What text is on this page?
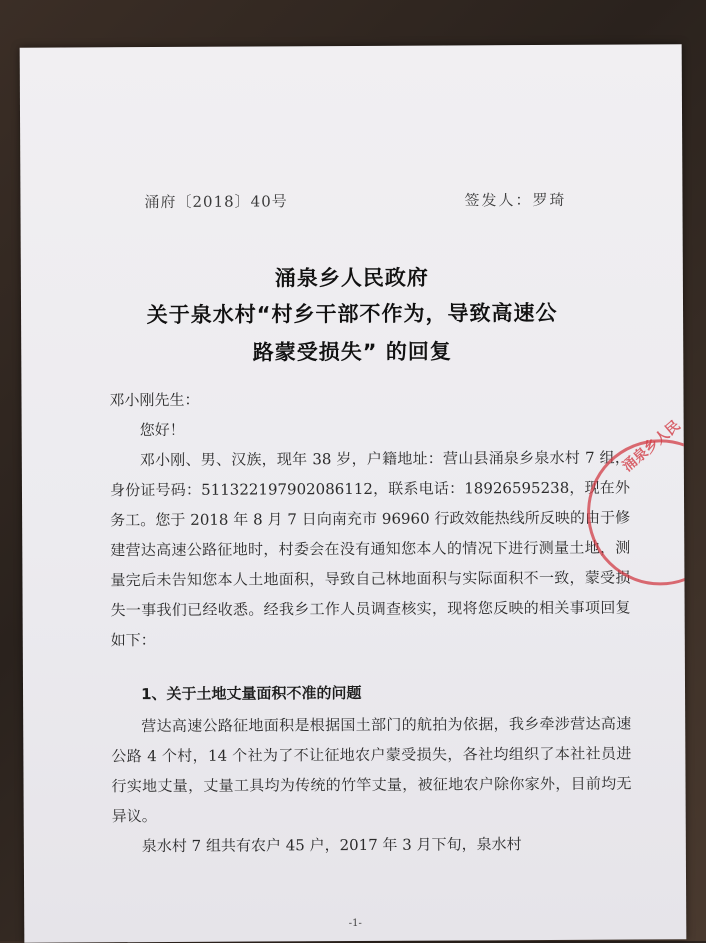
涌府〔2018〕40号	签发人：罗琦
涌泉乡人民政府
关于泉水村“村乡干部不作为，导致高速公
路蒙受损失” 的回复
邓小刚先生：
您好！
邓小刚、男、汉族，现年 38 岁，户籍地址：营山县涌泉乡泉水村 7 组，身份证号码：511322197902086112，联系电话：18926595238，现在外务工。您于 2018 年 8 月 7 日向南充市 96960 行政效能热线所反映的由于修建营达高速公路征地时，村委会在没有通知您本人的情况下进行测量土地，测量完后未告知您本人土地面积，导致自己林地面积与实际面积不一致，蒙受损失一事我们已经收悉。经我乡工作人员调查核实，现将您反映的相关事项回复如下：
1、关于土地丈量面积不准的问题
营达高速公路征地面积是根据国土部门的航拍为依据，我乡牵涉营达高速公路 4 个村，14 个社为了不让征地农户蒙受损失，各社均组织了本社社员进行实地丈量，丈量工具均为传统的竹竿丈量，被征地农户除你家外，目前均无异议。
泉水村 7 组共有农户 45 户，2017 年 3 月下旬，泉水村
-1-
涌泉乡人民
